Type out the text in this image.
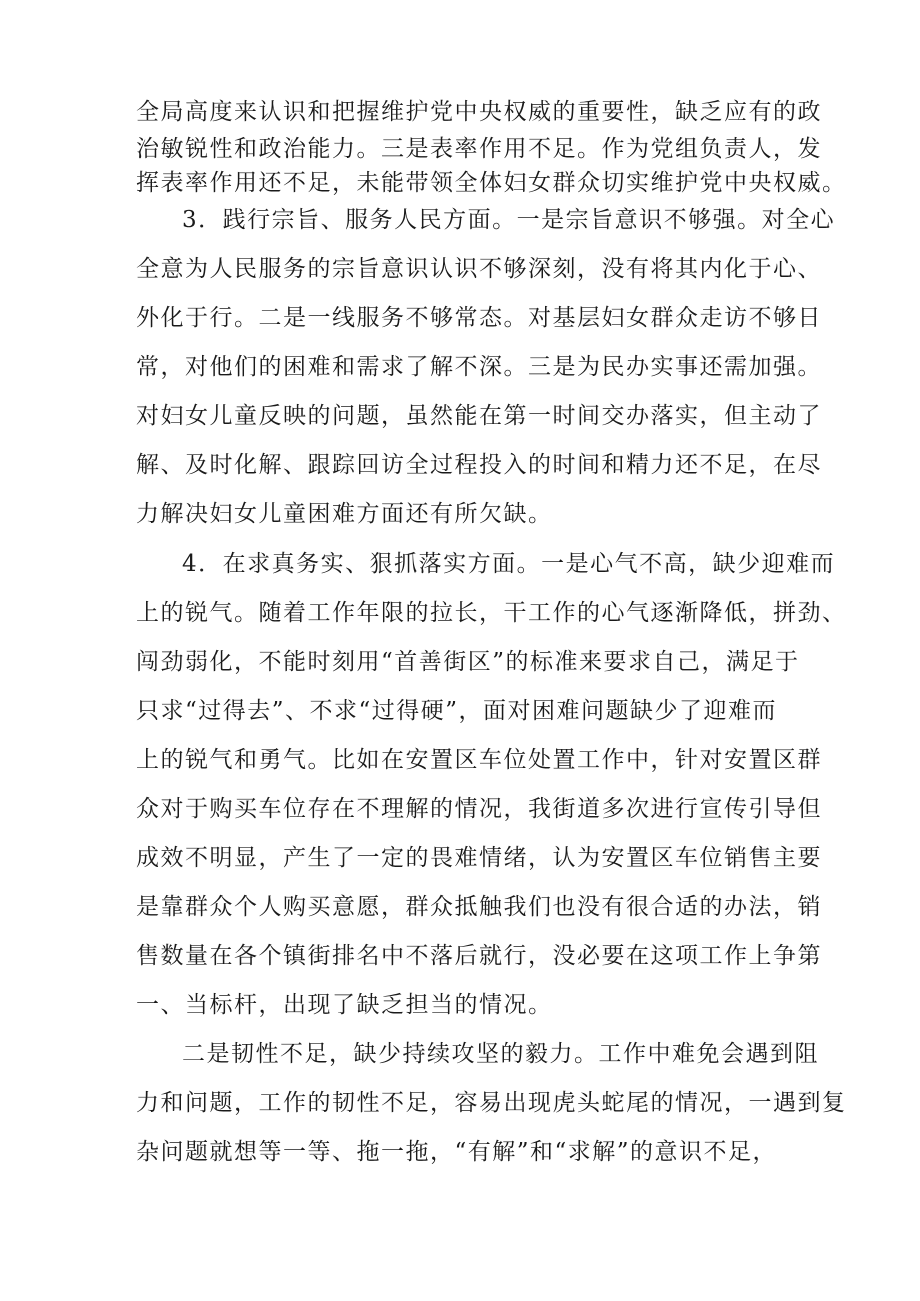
全局高度来认识和把握维护党中央权威的重要性，缺乏应有的政
治敏锐性和政治能力。三是表率作用不足。作为党组负责人，发
挥表率作用还不足，未能带领全体妇女群众切实维护党中央权威。
3．践行宗旨、服务人民方面。一是宗旨意识不够强。对全心
全意为人民服务的宗旨意识认识不够深刻，没有将其内化于心、
外化于行。二是一线服务不够常态。对基层妇女群众走访不够日
常，对他们的困难和需求了解不深。三是为民办实事还需加强。
对妇女儿童反映的问题，虽然能在第一时间交办落实，但主动了
解、及时化解、跟踪回访全过程投入的时间和精力还不足，在尽
力解决妇女儿童困难方面还有所欠缺。
4．在求真务实、狠抓落实方面。一是心气不高，缺少迎难而
上的锐气。随着工作年限的拉长，干工作的心气逐渐降低，拼劲、
闯劲弱化，不能时刻用“首善街区”的标准来要求自己，满足于
只求“过得去”、不求“过得硬”，面对困难问题缺少了迎难而
上的锐气和勇气。比如在安置区车位处置工作中，针对安置区群
众对于购买车位存在不理解的情况，我街道多次进行宣传引导但
成效不明显，产生了一定的畏难情绪，认为安置区车位销售主要
是靠群众个人购买意愿，群众抵触我们也没有很合适的办法，销
售数量在各个镇街排名中不落后就行，没必要在这项工作上争第
一、当标杆，出现了缺乏担当的情况。
二是韧性不足，缺少持续攻坚的毅力。工作中难免会遇到阻
力和问题，工作的韧性不足，容易出现虎头蛇尾的情况，一遇到复
杂问题就想等一等、拖一拖，“有解”和“求解”的意识不足，
